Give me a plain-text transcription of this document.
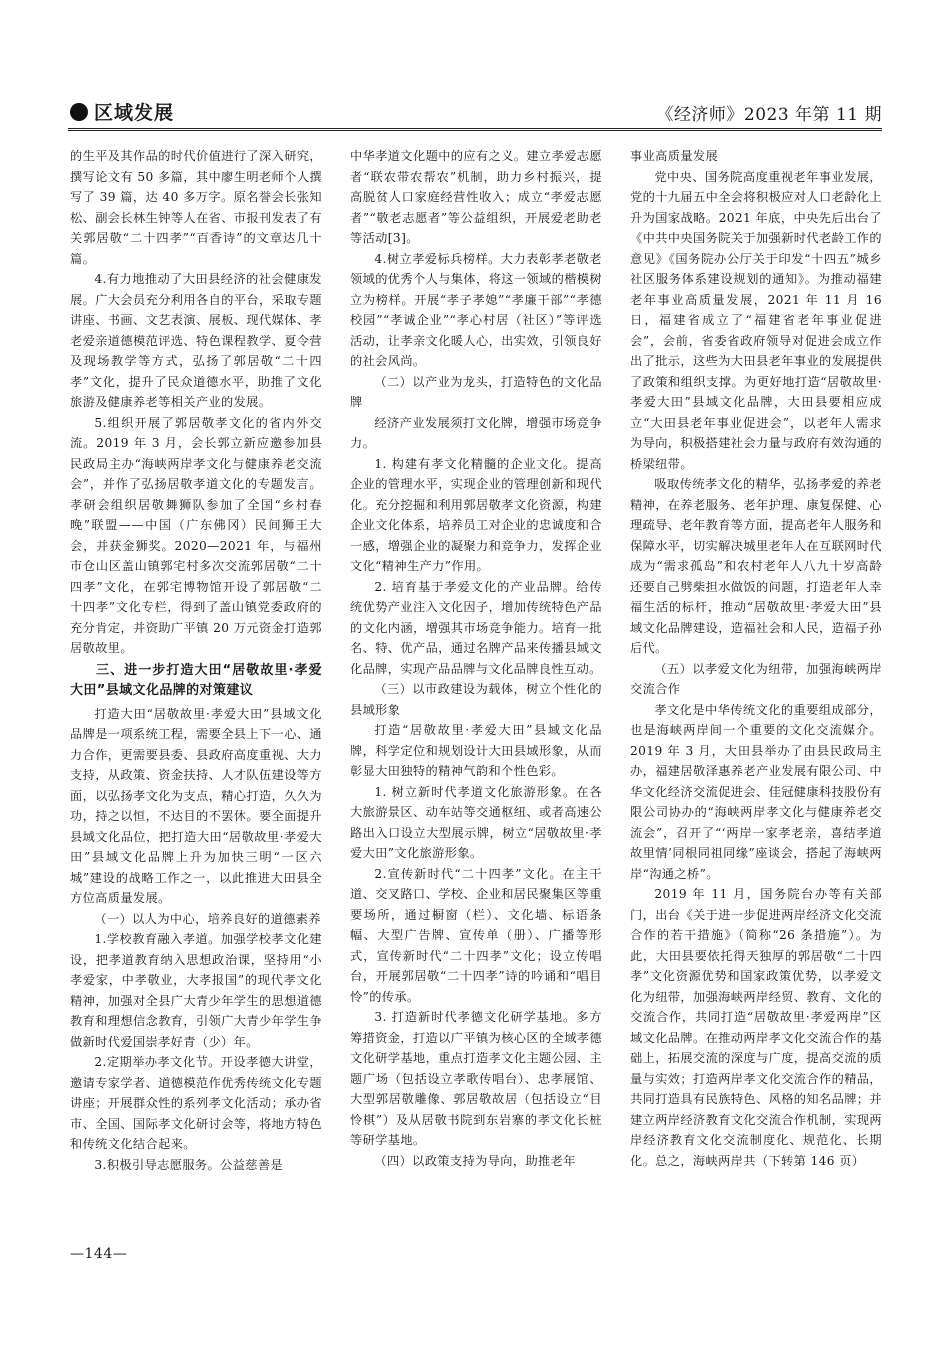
区域发展	《经济师》2023 年第 11 期

的生平及其作品的时代价值进行了深入研究，撰写论文有 50 多篇，其中廖生明老师个人撰写了 39 篇，达 40 多万字。原名誉会长张知松、副会长林生钟等人在省、市报刊发表了有关郭居敬“二十四孝”“百香诗”的文章达几十篇。

4.有力地推动了大田县经济的社会健康发展。广大会员充分利用各自的平台，采取专题讲座、书画、文艺表演、展板、现代媒体、孝老爱亲道德模范评选、特色课程教学、夏令营及现场教学等方式，弘扬了郭居敬“二十四孝”文化，提升了民众道德水平，助推了文化旅游及健康养老等相关产业的发展。

5.组织开展了郭居敬孝文化的省内外交流。2019 年 3 月，会长郭立新应邀参加县民政局主办“海峡两岸孝文化与健康养老交流会”，并作了弘扬居敬孝道文化的专题发言。孝研会组织居敬舞狮队参加了全国“乡村春晚”联盟——中国（广东佛冈）民间狮王大会，并获金狮奖。2020—2021 年，与福州市仓山区盖山镇郭宅村多次交流郭居敬“二十四孝”文化，在郭宅博物馆开设了郭居敬“二十四孝”文化专栏，得到了盖山镇党委政府的充分肯定，并资助广平镇 20 万元资金打造郭居敬故里。

三、进一步打造大田“居敬故里·孝爱大田”县域文化品牌的对策建议

打造大田“居敬故里·孝爱大田”县域文化品牌是一项系统工程，需要全县上下一心、通力合作，更需要县委、县政府高度重视、大力支持，从政策、资金扶持、人才队伍建设等方面，以弘扬孝文化为支点，精心打造，久久为功，持之以恒，不达目的不罢休。要全面提升县域文化品位，把打造大田“居敬故里·孝爱大田”县域文化品牌上升为加快三明“一区六城”建设的战略工作之一，以此推进大田县全方位高质量发展。

（一）以人为中心，培养良好的道德素养

1.学校教育融入孝道。加强学校孝文化建设，把孝道教育纳入思想政治课，坚持用“小孝爱家，中孝敬业，大孝报国”的现代孝文化精神，加强对全县广大青少年学生的思想道德教育和理想信念教育，引领广大青少年学生争做新时代爱国崇孝好青（少）年。

2.定期举办孝文化节。开设孝德大讲堂，邀请专家学者、道德模范作优秀传统文化专题讲座；开展群众性的系列孝文化活动；承办省市、全国、国际孝文化研讨会等，将地方特色和传统文化结合起来。

3.积极引导志愿服务。公益慈善是

中华孝道文化题中的应有之义。建立孝爱志愿者“联农带农帮农”机制，助力乡村振兴，提高脱贫人口家庭经营性收入；成立“孝爱志愿者”“敬老志愿者”等公益组织，开展爱老助老等活动[3]。

4.树立孝爱标兵榜样。大力表彰孝老敬老领域的优秀个人与集体，将这一领域的楷模树立为榜样。开展“孝子孝媳”“孝廉干部”“孝德校园”“孝诚企业”“孝心村居（社区）”等评选活动，让孝亲文化暖人心，出实效，引领良好的社会风尚。

（二）以产业为龙头，打造特色的文化品牌

经济产业发展须打文化牌，增强市场竞争力。

1. 构建有孝文化精髓的企业文化。提高企业的管理水平，实现企业的管理创新和现代化。充分挖掘和利用郭居敬孝文化资源，构建企业文化体系，培养员工对企业的忠诚度和合一感，增强企业的凝聚力和竞争力，发挥企业文化“精神生产力”作用。

2. 培育基于孝爱文化的产业品牌。给传统优势产业注入文化因子，增加传统特色产品的文化内涵，增强其市场竞争能力。培育一批名、特、优产品，通过名牌产品来传播县域文化品牌，实现产品品牌与文化品牌良性互动。

（三）以市政建设为载体，树立个性化的县域形象

打造“居敬故里·孝爱大田”县域文化品牌，科学定位和规划设计大田县域形象，从而彰显大田独特的精神气韵和个性色彩。

1. 树立新时代孝道文化旅游形象。在各大旅游景区、动车站等交通枢纽、或者高速公路出入口设立大型展示牌，树立“居敬故里·孝爱大田”文化旅游形象。

2.宣传新时代“二十四孝”文化。在主干道、交叉路口、学校、企业和居民聚集区等重要场所，通过橱窗（栏）、文化墙、标语条幅、大型广告牌、宣传单（册）、广播等形式，宣传新时代“二十四孝”文化；设立传唱台，开展郭居敬“二十四孝”诗的吟诵和“唱目怜”的传承。

3. 打造新时代孝德文化研学基地。多方筹措资金，打造以广平镇为核心区的全域孝德文化研学基地，重点打造孝文化主题公园、主题广场（包括设立孝歌传唱台）、忠孝展馆、大型郭居敬雕像、郭居敬故居（包括设立“目怜棋”）及从居敬书院到东岩寨的孝文化长桩等研学基地。

（四）以政策支持为导向，助推老年

事业高质量发展

党中央、国务院高度重视老年事业发展，党的十九届五中全会将积极应对人口老龄化上升为国家战略。2021 年底，中央先后出台了《中共中央国务院关于加强新时代老龄工作的意见》《国务院办公厅关于印发“十四五”城乡社区服务体系建设规划的通知》。为推动福建老年事业高质量发展，2021 年 11 月 16 日，福建省成立了“福建省老年事业促进会”，会前，省委省政府领导对促进会成立作出了批示，这些为大田县老年事业的发展提供了政策和组织支撑。为更好地打造“居敬故里·孝爱大田”县域文化品牌，大田县要相应成立“大田县老年事业促进会”，以老年人需求为导向，积极搭建社会力量与政府有效沟通的桥梁纽带。

吸取传统孝文化的精华，弘扬孝爱的养老精神，在养老服务、老年护理、康复保健、心理疏导、老年教育等方面，提高老年人服务和保障水平，切实解决城里老年人在互联网时代成为“需求孤岛”和农村老年人八九十岁高龄还要自己劈柴担水做饭的问题，打造老年人幸福生活的标杆，推动“居敬故里·孝爱大田”县域文化品牌建设，造福社会和人民，造福子孙后代。

（五）以孝爱文化为纽带，加强海峡两岸交流合作

孝文化是中华传统文化的重要组成部分，也是海峡两岸间一个重要的文化交流媒介。2019 年 3 月，大田县举办了由县民政局主办，福建居敬泽惠养老产业发展有限公司、中华文化经济交流促进会、佳冠健康科技股份有限公司协办的“海峡两岸孝文化与健康养老交流会”，召开了“‘两岸一家孝老亲，喜结孝道故里情’同根同祖同缘”座谈会，搭起了海峡两岸“沟通之桥”。

2019 年 11 月，国务院台办等有关部门，出台《关于进一步促进两岸经济文化交流合作的若干措施》（简称“26 条措施”）。为此，大田县要依托得天独厚的郭居敬“二十四孝”文化资源优势和国家政策优势，以孝爱文化为纽带，加强海峡两岸经贸、教育、文化的交流合作，共同打造“居敬故里·孝爱两岸”区域文化品牌。在推动两岸孝文化交流合作的基础上，拓展交流的深度与广度，提高交流的质量与实效；打造两岸孝文化交流合作的精品，共同打造具有民族特色、风格的知名品牌；并建立两岸经济教育文化交流合作机制，实现两岸经济教育文化交流制度化、规范化、长期化。总之，海峡两岸共（下转第 146 页）

—144—
